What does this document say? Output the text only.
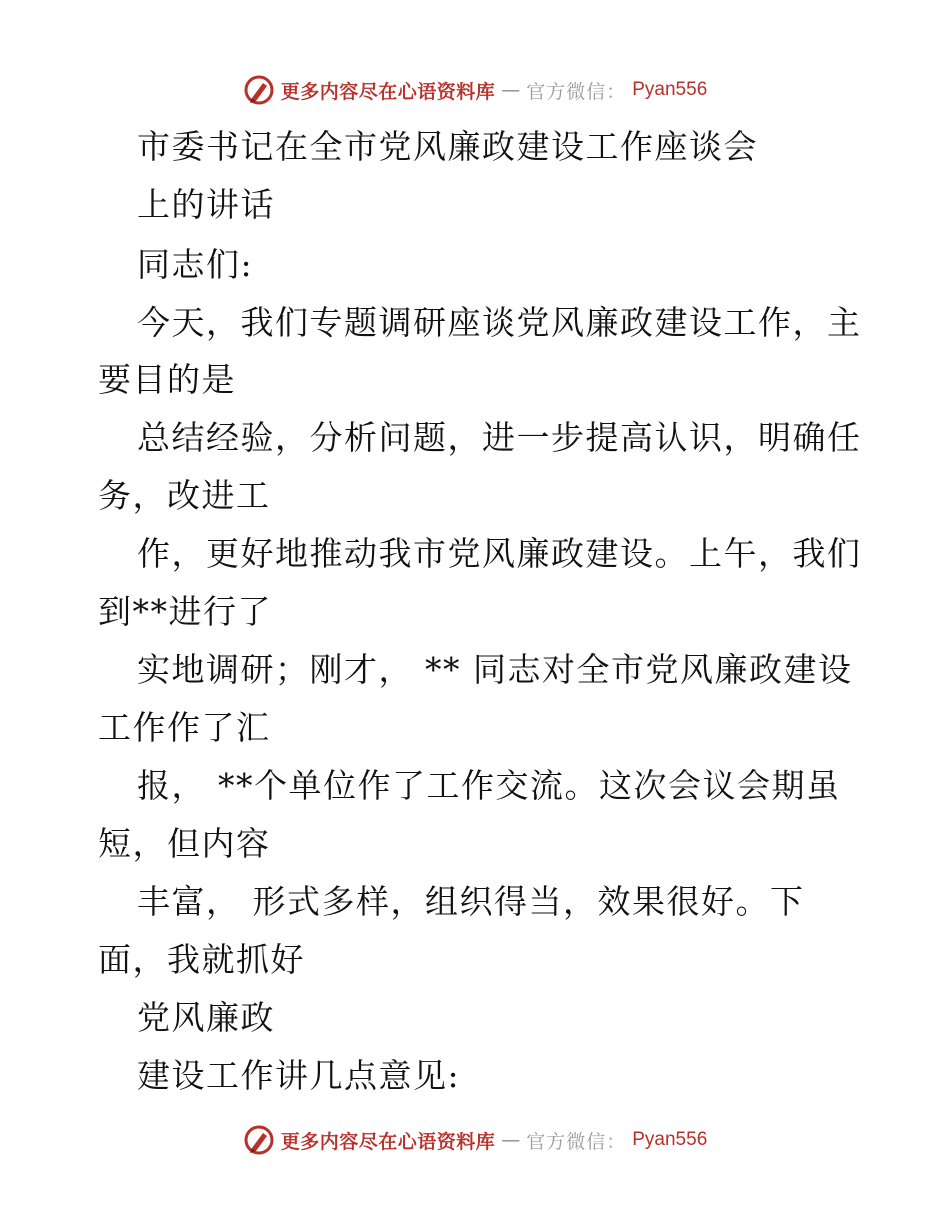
更多内容尽在心语资料库 — 官方微信： Pyan556
市委书记在全市党风廉政建设工作座谈会
上的讲话
同志们:
今天，我们专题调研座谈党风廉政建设工作，主
要目的是
总结经验，分析问题，进一步提高认识，明确任
务，改进工
作，更好地推动我市党风廉政建设。上午，我们
到**进行了
实地调研；刚才， ** 同志对全市党风廉政建设
工作作了汇
报， **个单位作了工作交流。这次会议会期虽
短，但内容
丰富， 形式多样，组织得当，效果很好。下
面，我就抓好
党风廉政
建设工作讲几点意见:
更多内容尽在心语资料库 — 官方微信： Pyan556
